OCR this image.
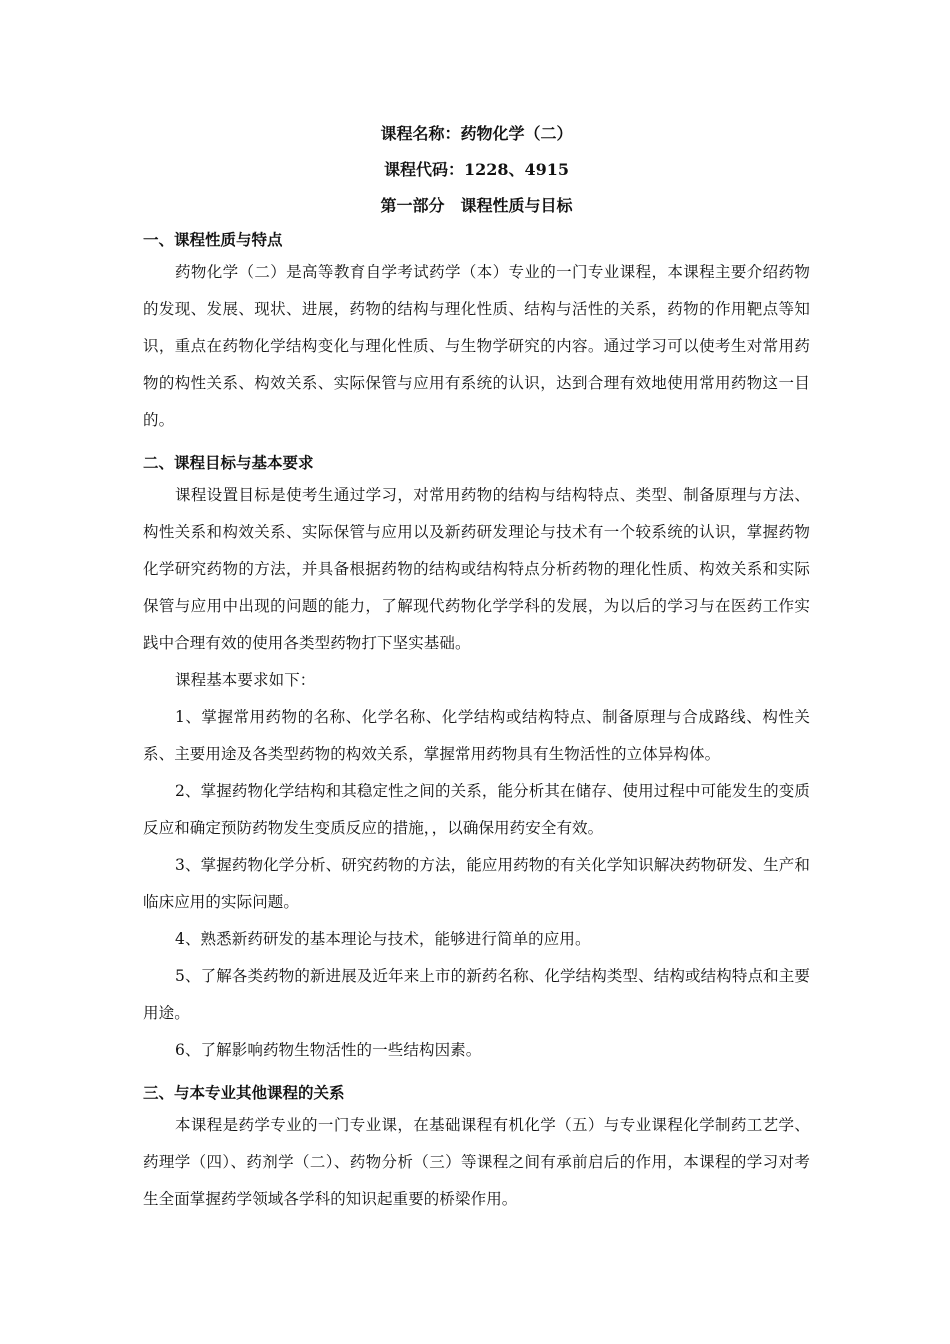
课程名称：药物化学（二）

课程代码：1228、4915

第一部分　课程性质与目标

一、课程性质与特点

药物化学（二）是高等教育自学考试药学（本）专业的一门专业课程，本课程主要介绍药物的发现、发展、现状、进展，药物的结构与理化性质、结构与活性的关系，药物的作用靶点等知识，重点在药物化学结构变化与理化性质、与生物学研究的内容。通过学习可以使考生对常用药物的构性关系、构效关系、实际保管与应用有系统的认识，达到合理有效地使用常用药物这一目的。

二、课程目标与基本要求

课程设置目标是使考生通过学习，对常用药物的结构与结构特点、类型、制备原理与方法、构性关系和构效关系、实际保管与应用以及新药研发理论与技术有一个较系统的认识，掌握药物化学研究药物的方法，并具备根据药物的结构或结构特点分析药物的理化性质、构效关系和实际保管与应用中出现的问题的能力，了解现代药物化学学科的发展，为以后的学习与在医药工作实践中合理有效的使用各类型药物打下坚实基础。

课程基本要求如下：

1、掌握常用药物的名称、化学名称、化学结构或结构特点、制备原理与合成路线、构性关系、主要用途及各类型药物的构效关系，掌握常用药物具有生物活性的立体异构体。

2、掌握药物化学结构和其稳定性之间的关系，能分析其在储存、使用过程中可能发生的变质反应和确定预防药物发生变质反应的措施，，以确保用药安全有效。

3、掌握药物化学分析、研究药物的方法，能应用药物的有关化学知识解决药物研发、生产和临床应用的实际问题。

4、熟悉新药研发的基本理论与技术，能够进行简单的应用。

5、了解各类药物的新进展及近年来上市的新药名称、化学结构类型、结构或结构特点和主要用途。

6、了解影响药物生物活性的一些结构因素。

三、与本专业其他课程的关系

本课程是药学专业的一门专业课，在基础课程有机化学（五）与专业课程化学制药工艺学、药理学（四）、药剂学（二）、药物分析（三）等课程之间有承前启后的作用，本课程的学习对考生全面掌握药学领域各学科的知识起重要的桥梁作用。
